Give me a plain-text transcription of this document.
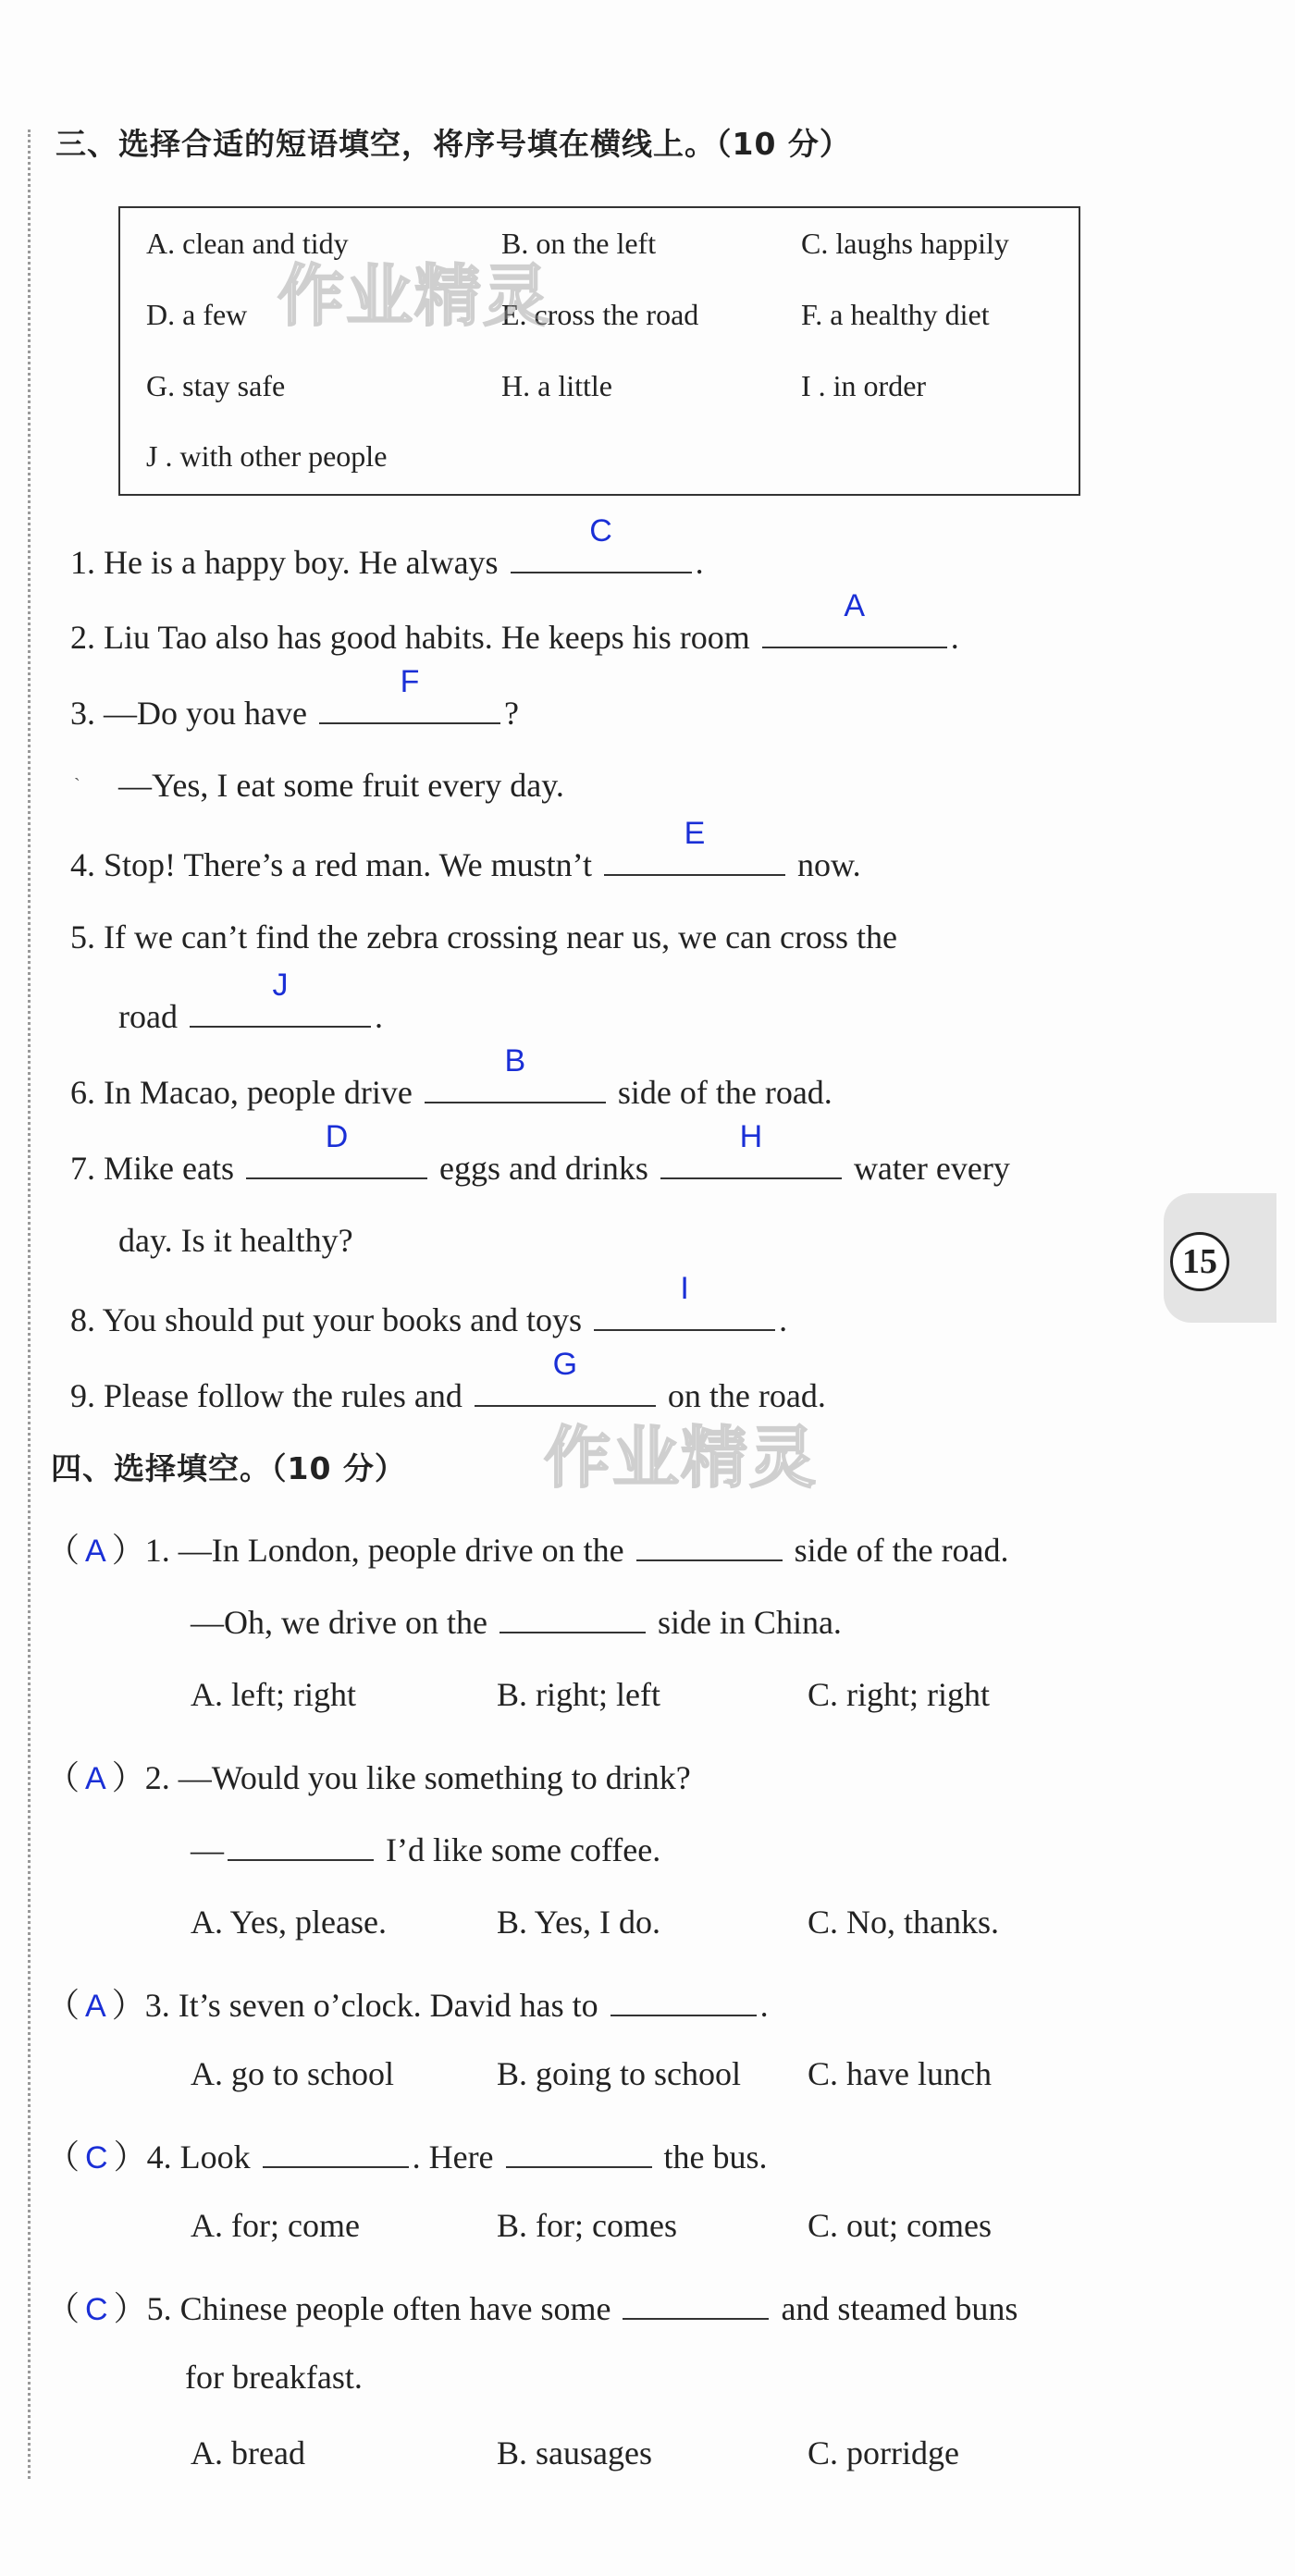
三、选择合适的短语填空，将序号填在横线上。（10 分）
A. clean and tidy	B. on the left	C. laughs happily
D. a few	E. cross the road	F. a healthy diet
G. stay safe	H. a little	I . in order
J . with other people
作业精灵
1. He is a happy boy. He always
C
.
2. Liu Tao also has good habits. He keeps his room
A
.
3. —Do you have
F
?
` —Yes, I eat some fruit every day.
4. Stop! There’s a red man. We mustn’t
E
now.
5. If we can’t find the zebra crossing near us, we can cross the
road
J
.
6. In Macao, people drive
B
side of the road.
7. Mike eats
D
eggs and drinks
H
water every
day. Is it healthy?
8. You should put your books and toys
I
.
9. Please follow the rules and
G
on the road.
四、选择填空。（10 分） 作业精灵
15
（ A ）1. —In London, people drive on the	side of the road.
—Oh, we drive on the	side in China.
A. left; right	B. right; left	C. right; right
（ A ）2. —Would you like something to drink?
—	I’d like some coffee.
A. Yes, please.	B. Yes, I do.	C. No, thanks.
（ A ）3. It’s seven o’clock. David has to	.
A. go to school	B. going to school C. have lunch
（ C ）4. Look	. Here	the bus.
A. for; come	B. for; comes	C. out; comes
（ C ）5. Chinese people often have some	and steamed buns
for breakfast.
A. bread	B. sausages	C. porridge
